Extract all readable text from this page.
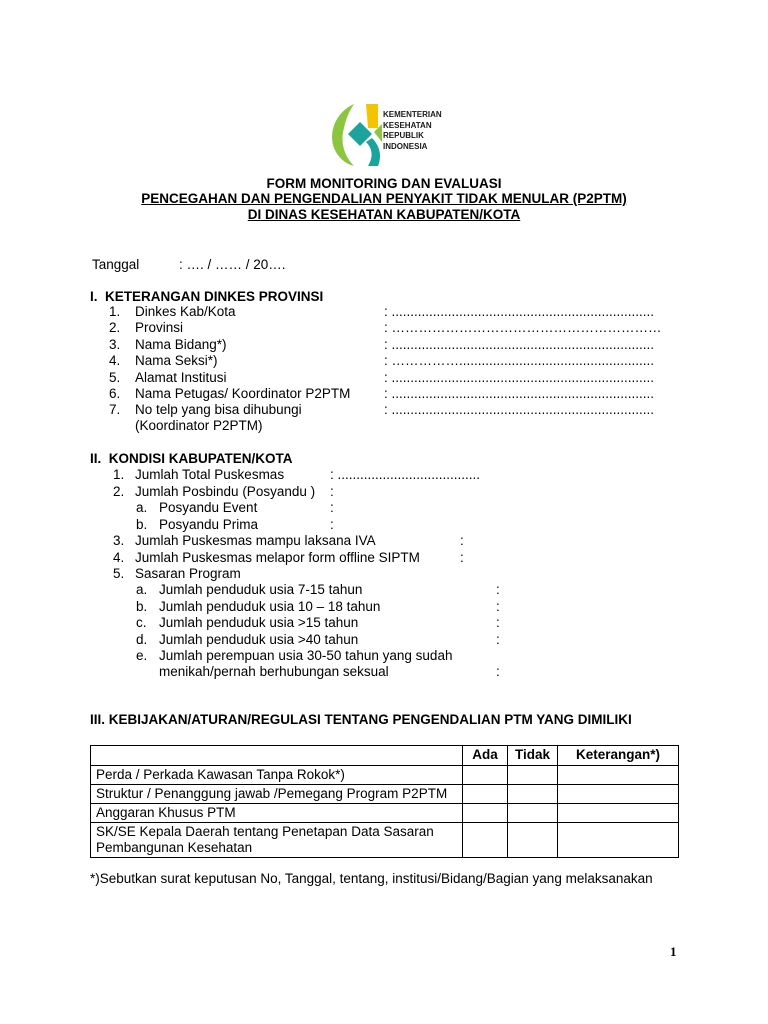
KEMENTERIAN
KESEHATAN
REPUBLIK
INDONESIA
FORM MONITORING DAN EVALUASI
PENCEGAHAN DAN PENGENDALIAN PENYAKIT TIDAK MENULAR (P2PTM)
DI DINAS KESEHATAN KABUPATEN/KOTA
Tanggal	: …. / …… / 20….
I.  KETERANGAN DINKES PROVINSI
1. Dinkes Kab/Kota	: ......................................................................
2. Provinsi	: ……………………………………………………
3. Nama Bidang*)	: ......................................................................
4. Nama Seksi*)	: ……………....................................................
5. Alamat Institusi	: ......................................................................
6. Nama Petugas/ Koordinator P2PTM : ......................................................................
7. No telp yang bisa dihubungi	: ......................................................................
(Koordinator P2PTM)
II.  KONDISI KABUPATEN/KOTA
1. Jumlah Total Puskesmas	: ......................................
2. Jumlah Posbindu (Posyandu ) :
a. Posyandu Event	:
b. Posyandu Prima	:
3. Jumlah Puskesmas mampu laksana IVA	:
4. Jumlah Puskesmas melapor form offline SIPTM	:
5. Sasaran Program
a. Jumlah penduduk usia 7-15 tahun	:
b. Jumlah penduduk usia 10 – 18 tahun	:
c. Jumlah penduduk usia >15 tahun	:
d. Jumlah penduduk usia >40 tahun	:
e. Jumlah perempuan usia 30-50 tahun yang sudah
menikah/pernah berhubungan seksual	:
III. KEBIJAKAN/ATURAN/REGULASI TENTANG PENGENDALIAN PTM YANG DIMILIKI
	Ada	Tidak	Keterangan*)
Perda / Perkada Kawasan Tanpa Rokok*)			
Struktur / Penanggung jawab /Pemegang Program P2PTM			
Anggaran Khusus PTM			
SK/SE Kepala Daerah tentang Penetapan Data Sasaran Pembangunan Kesehatan			
*)Sebutkan surat keputusan No, Tanggal, tentang, institusi/Bidang/Bagian yang melaksanakan
1
